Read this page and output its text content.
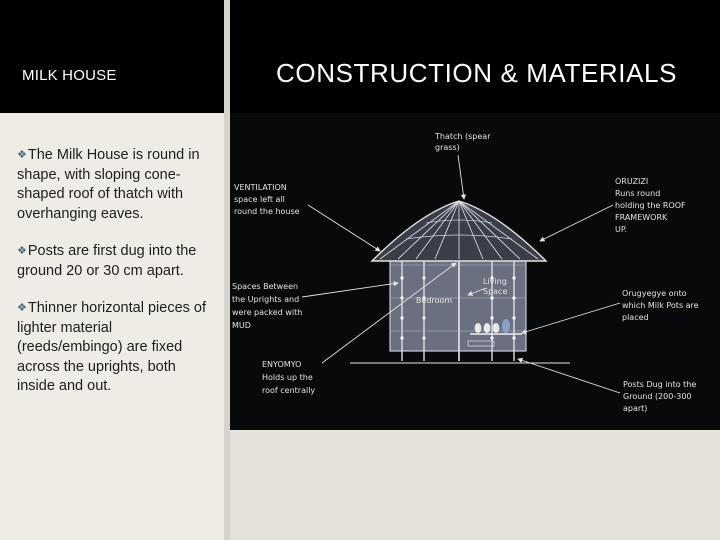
MILK HOUSE	CONSTRUCTION & MATERIALS
❖The Milk House is round in shape, with sloping cone-shaped roof of thatch with overhanging eaves.
❖Posts are first dug into the ground 20 or 30 cm apart.
❖Thinner horizontal pieces of lighter material (reeds/embingo) are fixed across the uprights, both inside and out.
Thatch (spear
grass)
VENTILATION
space left all
round the house
ORUZIZI
Runs round
holding the ROOF
FRAMEWORK
UP.
Living
Space
Bedroom
Spaces Between
the Uprights and
were packed with
MUD
Orugyegye onto
which Milk Pots are
placed
ENYOMYO
Holds up the
roof centrally
Posts Dug into the
Ground (200-300
apart)
